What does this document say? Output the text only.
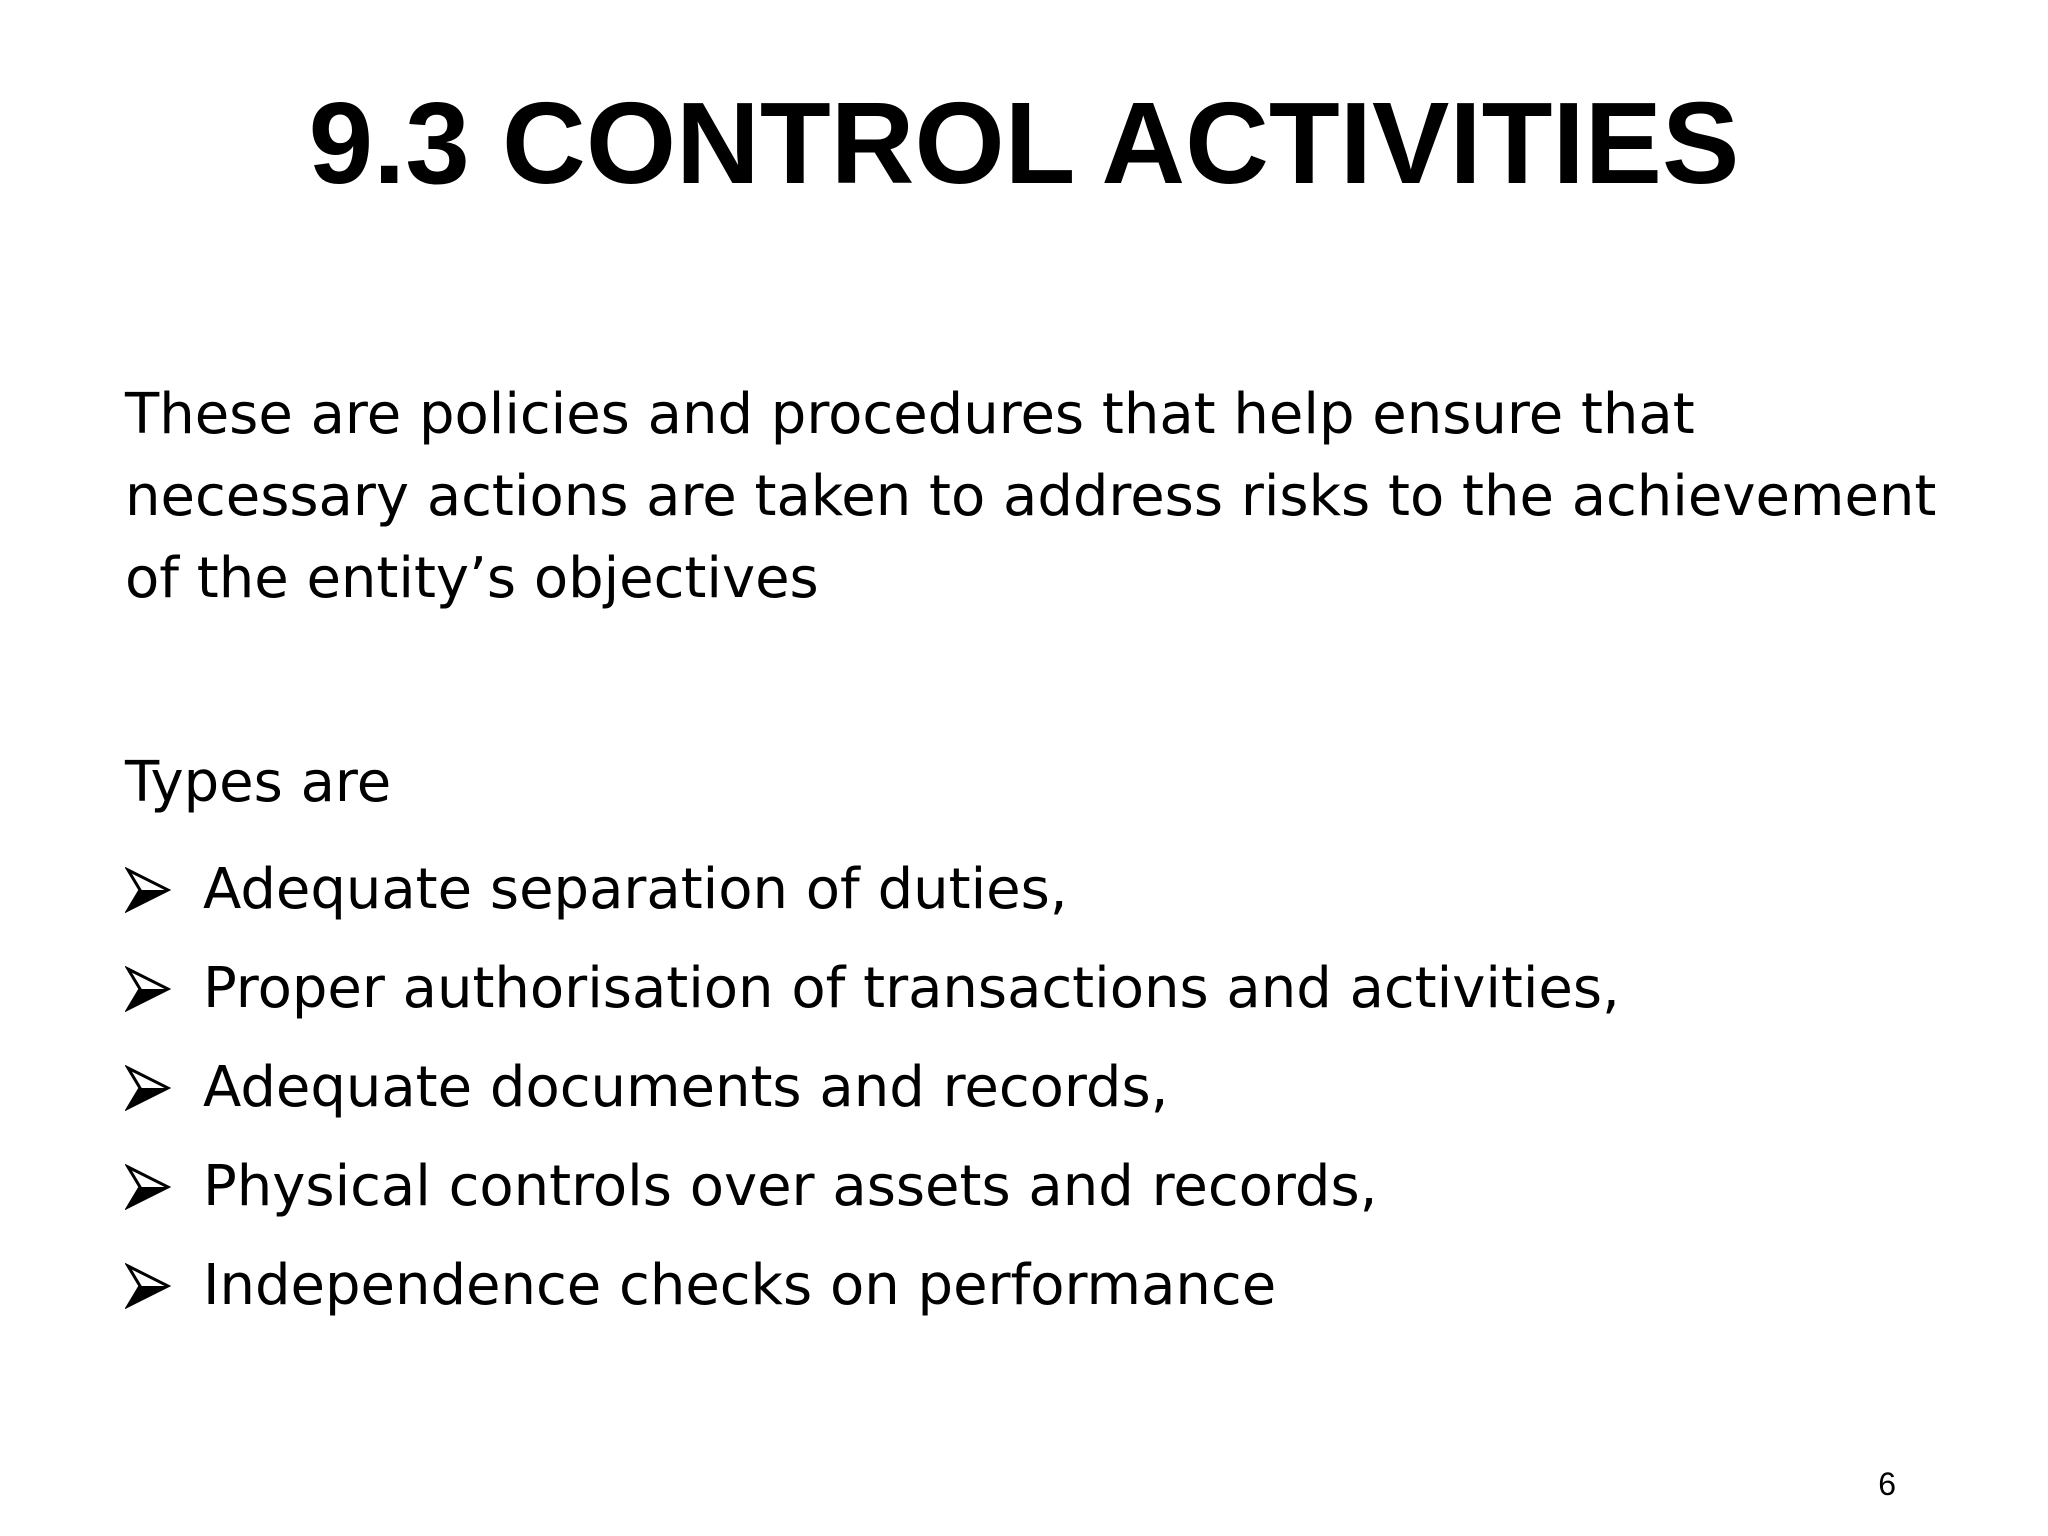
9.3 CONTROL ACTIVITIES

These are policies and procedures that help ensure that necessary actions are taken to address risks to the achievement of the entity’s objectives

Types are

Adequate separation of duties,
Proper authorisation of transactions and activities,
Adequate documents and records,
Physical controls over assets and records,
Independence checks on performance
6
